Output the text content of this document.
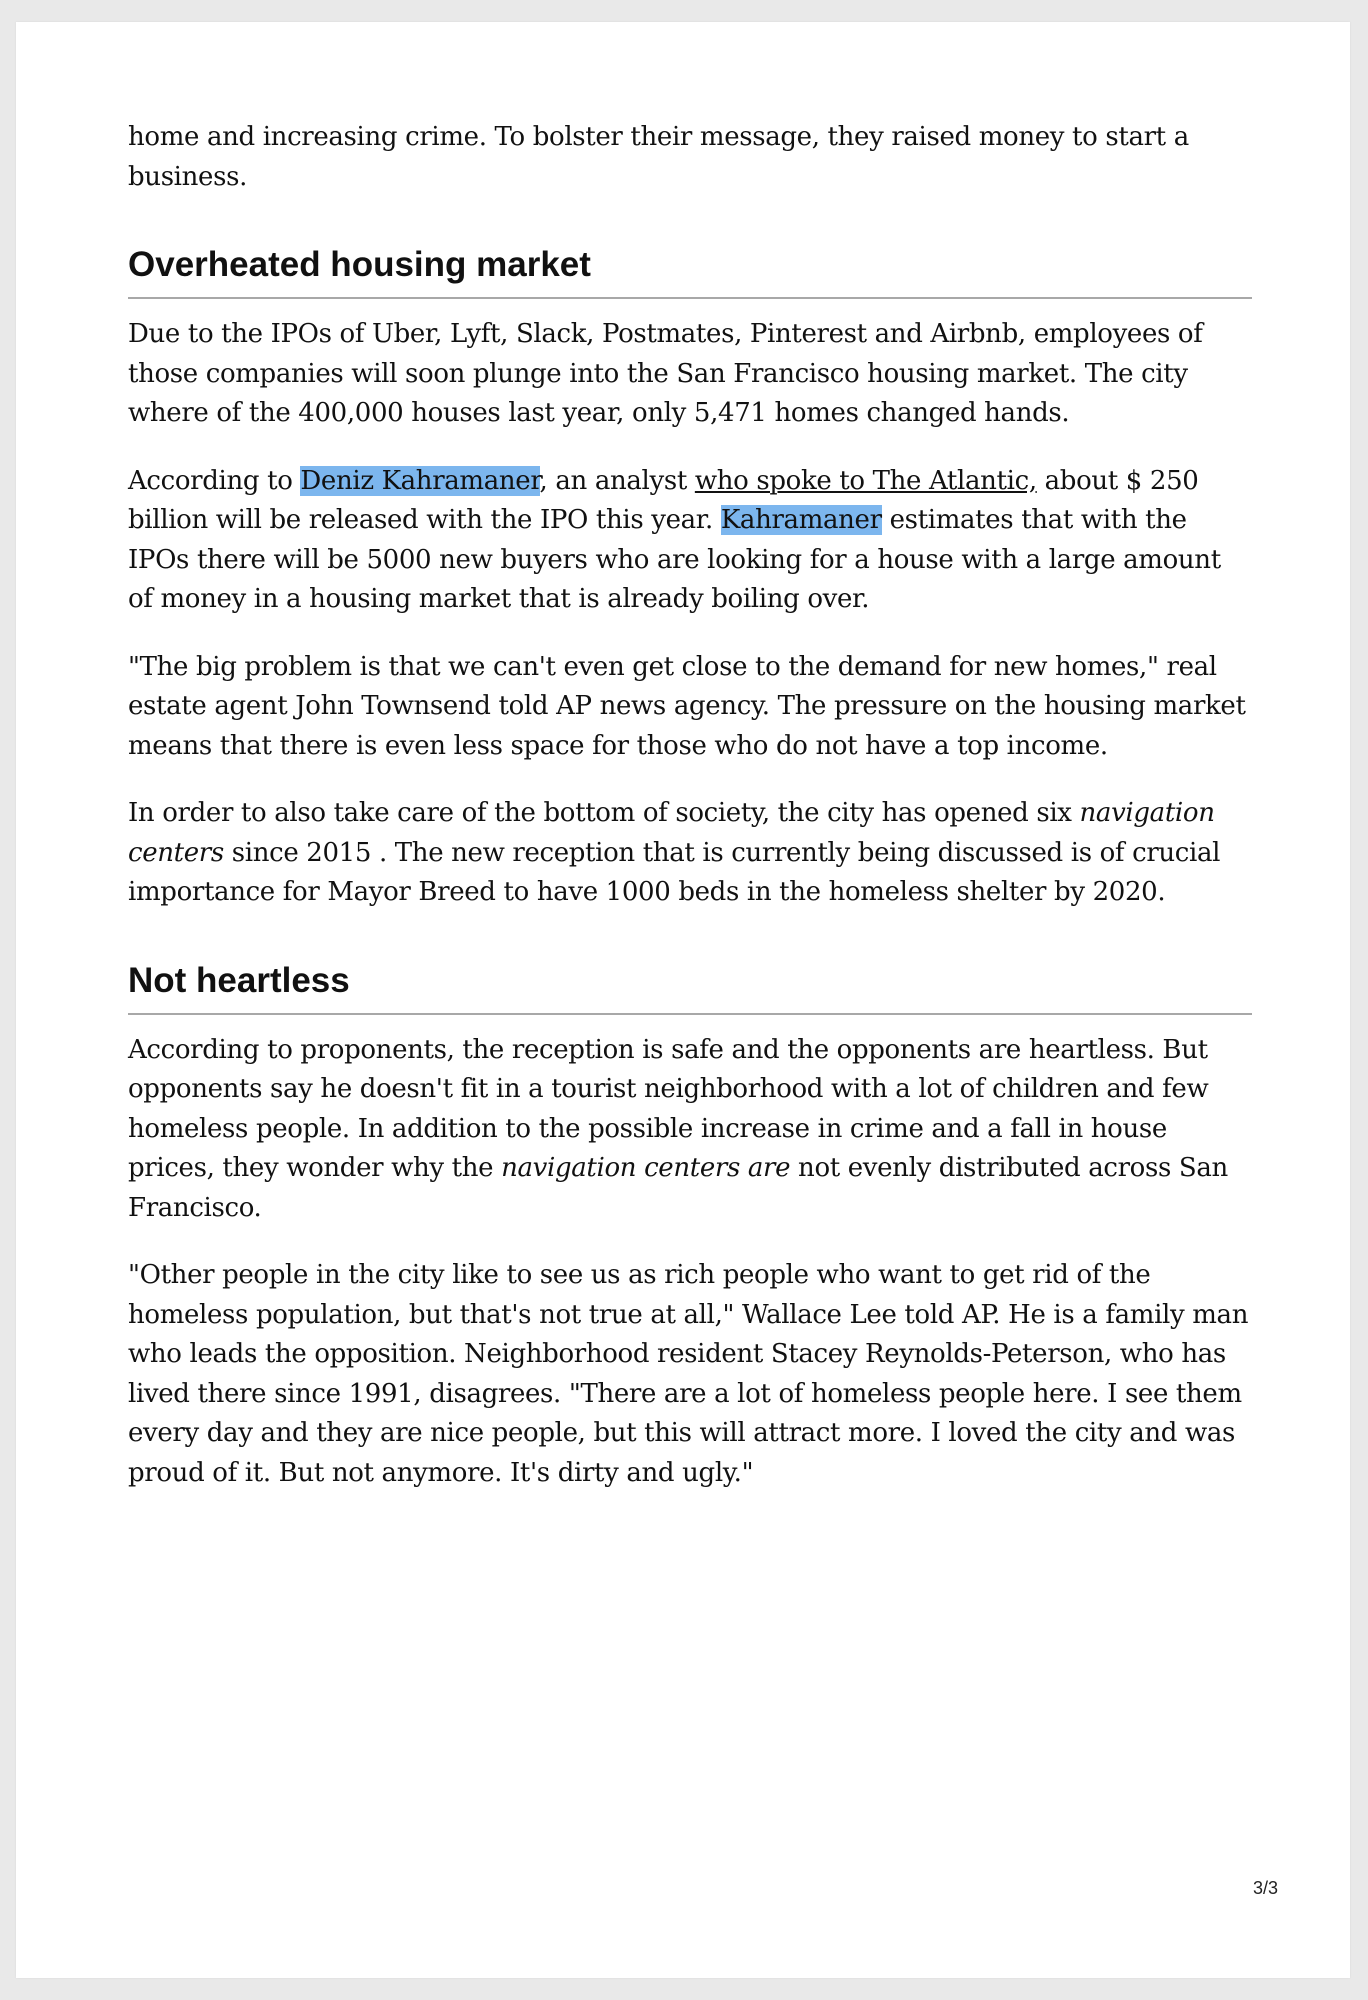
home and increasing crime. To bolster their message, they raised money to start a business.

Overheated housing market

Due to the IPOs of Uber, Lyft, Slack, Postmates, Pinterest and Airbnb, employees of those companies will soon plunge into the San Francisco housing market. The city where of the 400,000 houses last year, only 5,471 homes changed hands.

According to Deniz Kahramaner, an analyst who spoke to The Atlantic, about $ 250 billion will be released with the IPO this year. Kahramaner estimates that with the IPOs there will be 5000 new buyers who are looking for a house with a large amount of money in a housing market that is already boiling over.

"The big problem is that we can't even get close to the demand for new homes," real estate agent John Townsend told AP news agency. The pressure on the housing market means that there is even less space for those who do not have a top income.

In order to also take care of the bottom of society, the city has opened six navigation centers since 2015 . The new reception that is currently being discussed is of crucial importance for Mayor Breed to have 1000 beds in the homeless shelter by 2020.

Not heartless

According to proponents, the reception is safe and the opponents are heartless. But opponents say he doesn't fit in a tourist neighborhood with a lot of children and few homeless people. In addition to the possible increase in crime and a fall in house prices, they wonder why the navigation centers are not evenly distributed across San Francisco.

"Other people in the city like to see us as rich people who want to get rid of the homeless population, but that's not true at all," Wallace Lee told AP. He is a family man who leads the opposition. Neighborhood resident Stacey Reynolds-Peterson, who has lived there since 1991, disagrees. "There are a lot of homeless people here. I see them every day and they are nice people, but this will attract more. I loved the city and was proud of it. But not anymore. It's dirty and ugly."

3/3
